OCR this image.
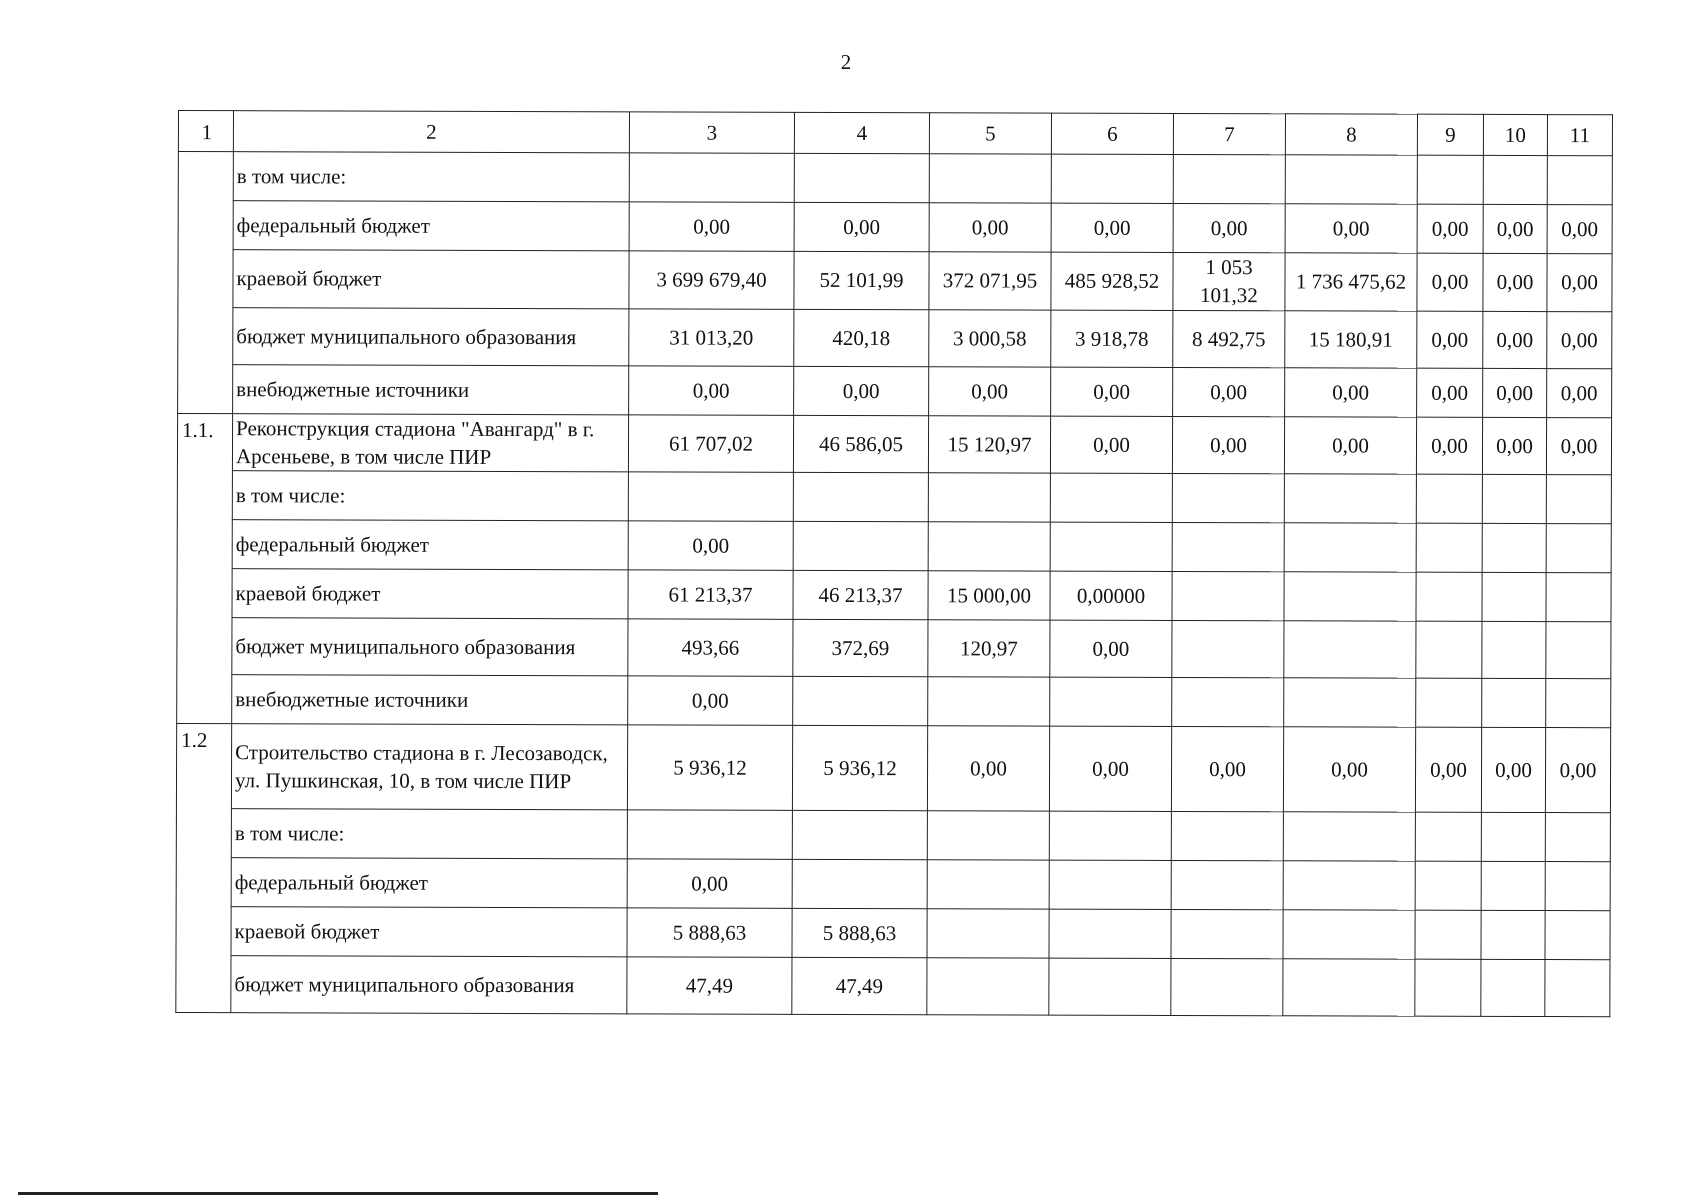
2
1	2	3	4	5	6	7	8	9	10	11
	в том числе:									
	федеральный бюджет	0,00	0,00	0,00	0,00	0,00	0,00	0,00	0,00	0,00
	краевой бюджет	3 699 679,40	52 101,99	372 071,95	485 928,52	1 053 101,32	1 736 475,62	0,00	0,00	0,00
	бюджет муниципального образования	31 013,20	420,18	3 000,58	3 918,78	8 492,75	15 180,91	0,00	0,00	0,00
	внебюджетные источники	0,00	0,00	0,00	0,00	0,00	0,00	0,00	0,00	0,00
1.1.	Реконструкция стадиона "Авангард" в г. Арсеньеве, в том числе ПИР	61 707,02	46 586,05	15 120,97	0,00	0,00	0,00	0,00	0,00	0,00
	в том числе:									
	федеральный бюджет	0,00								
	краевой бюджет	61 213,37	46 213,37	15 000,00	0,00000					
	бюджет муниципального образования	493,66	372,69	120,97	0,00					
	внебюджетные источники	0,00								
1.2	Строительство стадиона в г. Лесозаводск, ул. Пушкинская, 10, в том числе ПИР	5 936,12	5 936,12	0,00	0,00	0,00	0,00	0,00	0,00	0,00
	в том числе:									
	федеральный бюджет	0,00								
	краевой бюджет	5 888,63	5 888,63							
	бюджет муниципального образования	47,49	47,49							
